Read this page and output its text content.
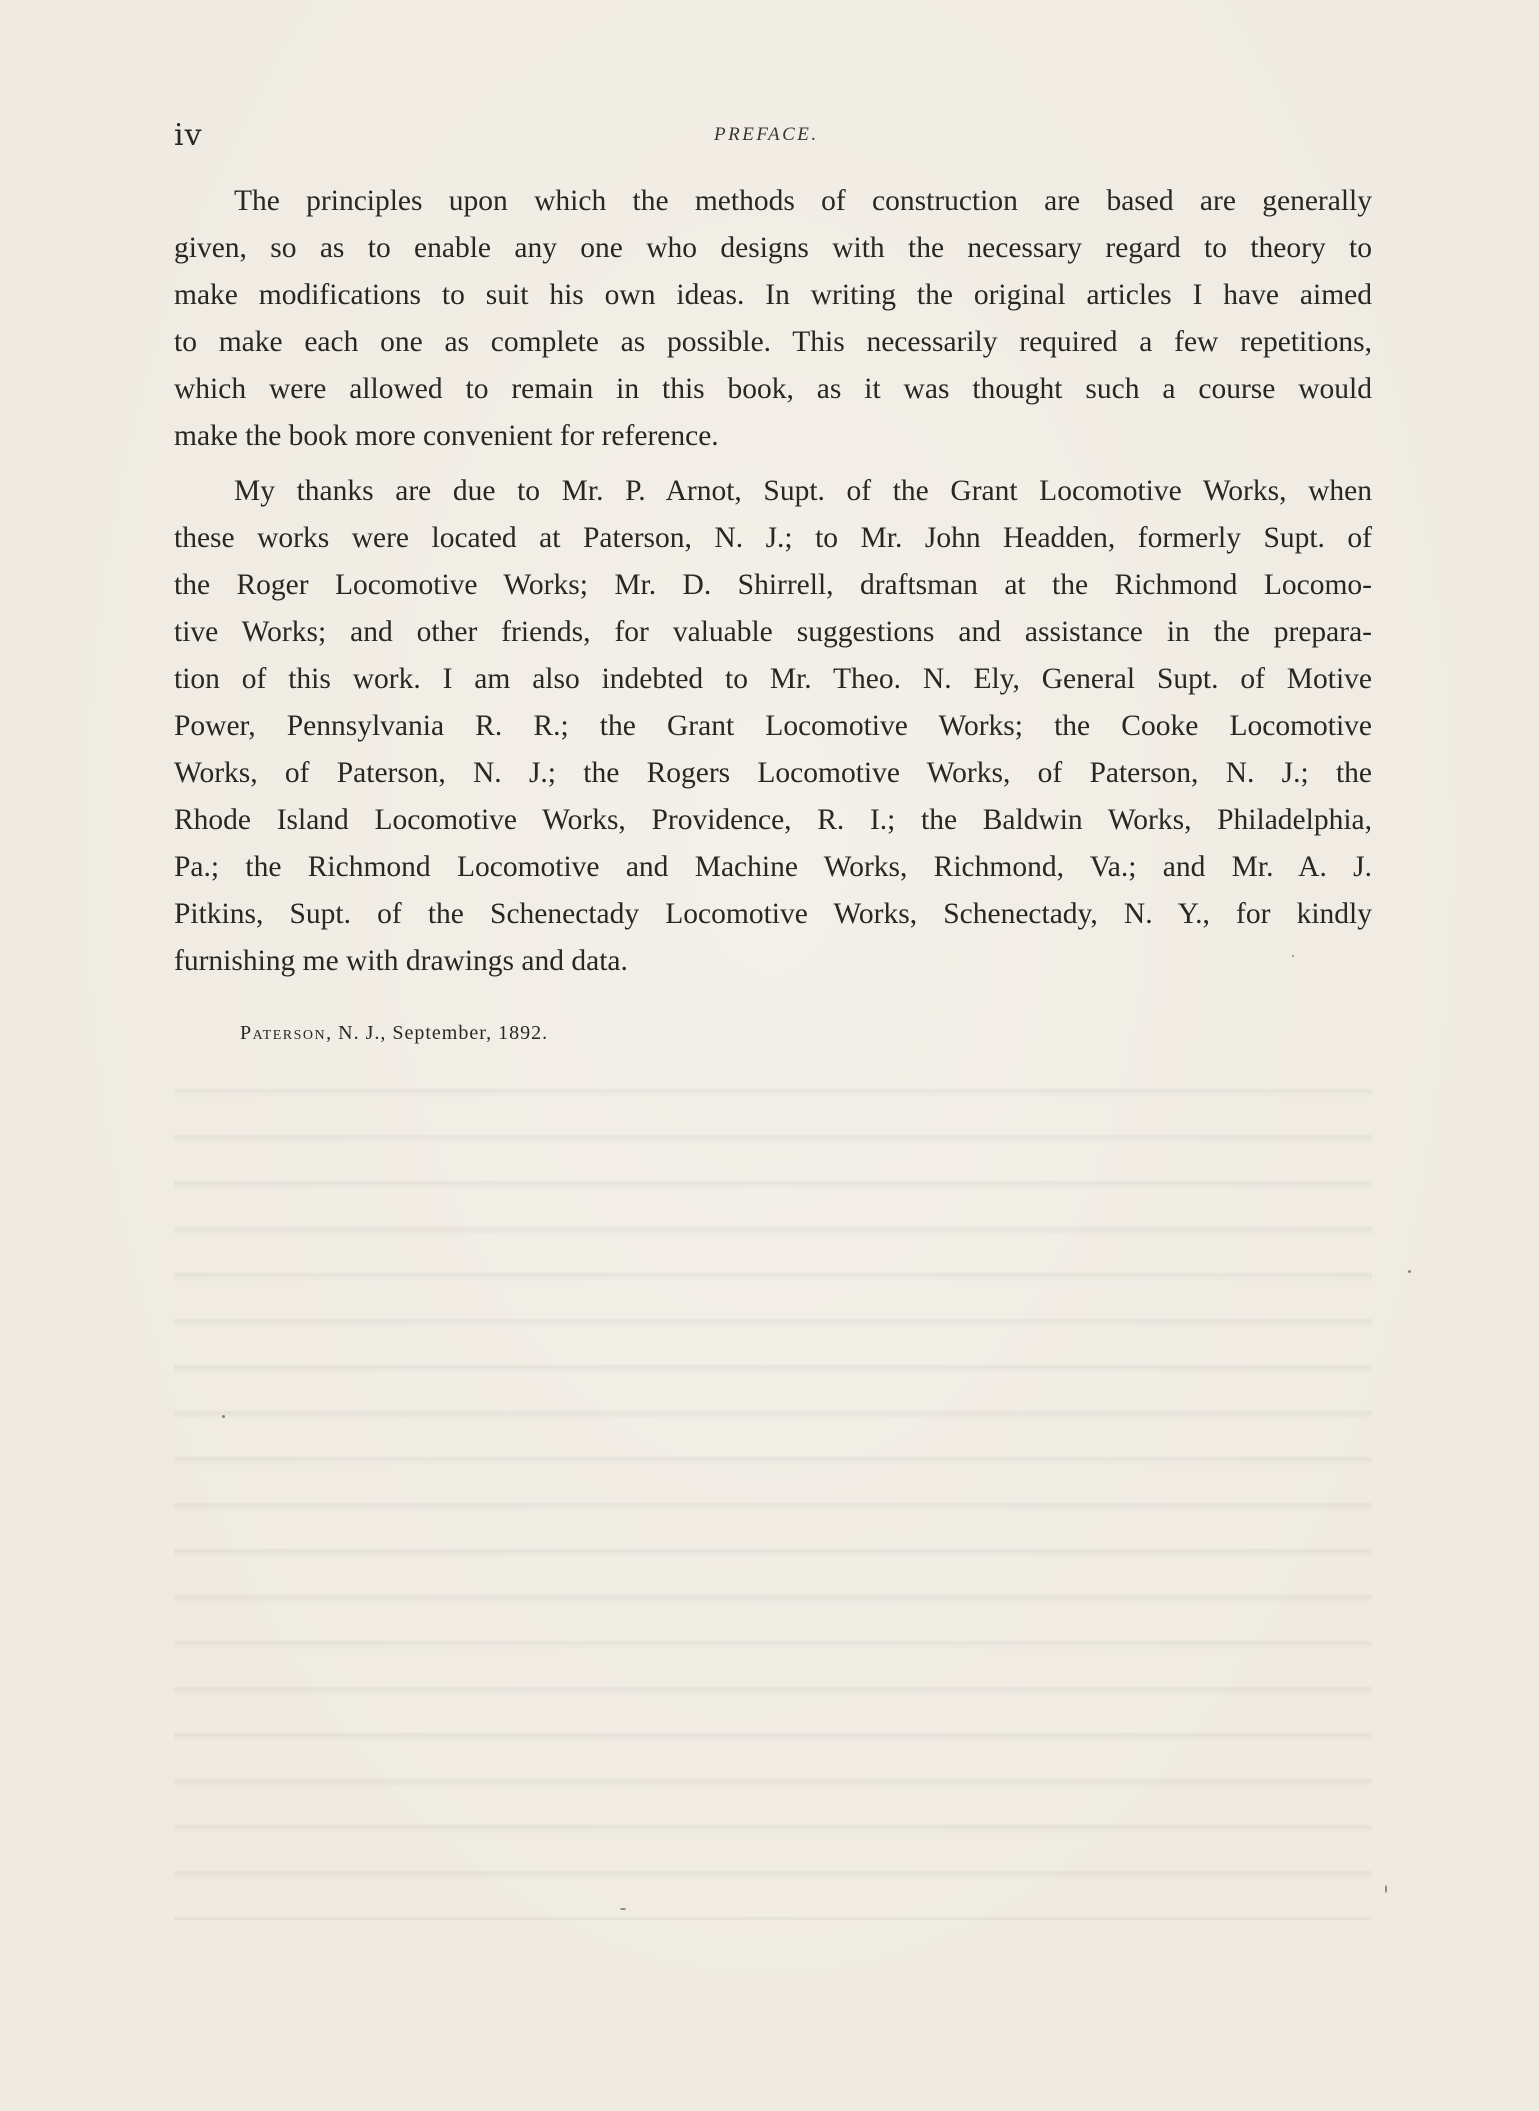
iv	PREFACE.
The principles upon which the methods of construction are based are generally
given, so as to enable any one who designs with the necessary regard to theory to
make modifications to suit his own ideas. In writing the original articles I have aimed
to make each one as complete as possible. This necessarily required a few repetitions,
which were allowed to remain in this book, as it was thought such a course would
make the book more convenient for reference.
My thanks are due to Mr. P. Arnot, Supt. of the Grant Locomotive Works, when
these works were located at Paterson, N. J.; to Mr. John Headden, formerly Supt. of
the Roger Locomotive Works; Mr. D. Shirrell, draftsman at the Richmond Locomo-
tive Works; and other friends, for valuable suggestions and assistance in the prepara-
tion of this work. I am also indebted to Mr. Theo. N. Ely, General Supt. of Motive
Power, Pennsylvania R. R.; the Grant Locomotive Works; the Cooke Locomotive
Works, of Paterson, N. J.; the Rogers Locomotive Works, of Paterson, N. J.; the
Rhode Island Locomotive Works, Providence, R. I.; the Baldwin Works, Philadelphia,
Pa.; the Richmond Locomotive and Machine Works, Richmond, Va.; and Mr. A. J.
Pitkins, Supt. of the Schenectady Locomotive Works, Schenectady, N. Y., for kindly
furnishing me with drawings and data.
Paterson, N. J., September, 1892.
